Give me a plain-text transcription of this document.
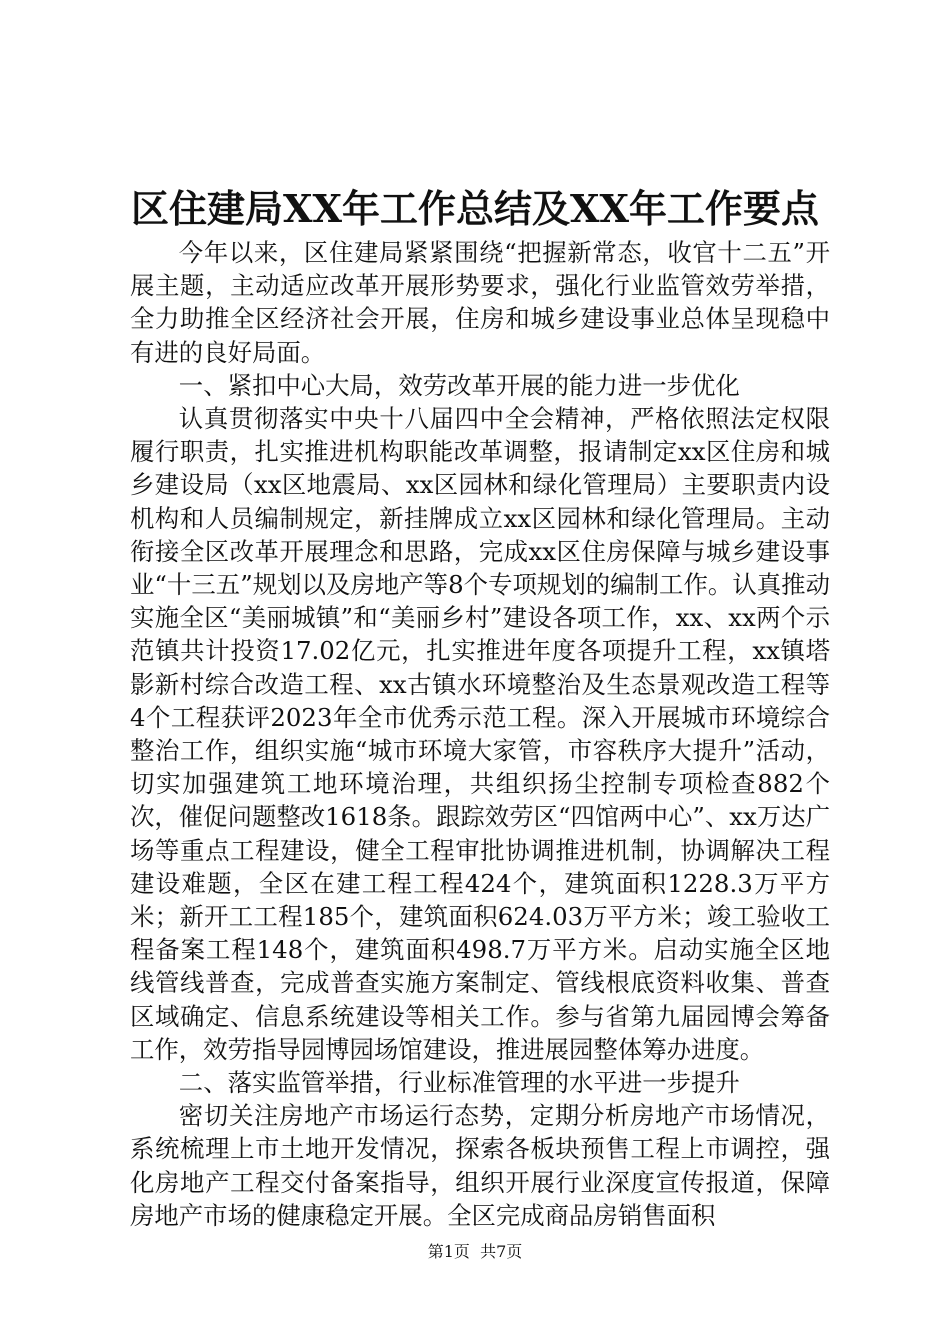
区住建局XX年工作总结及XX年工作要点

今年以来，区住建局紧紧围绕“把握新常态，收官十二五”开展主题，主动适应改革开展形势要求，强化行业监管效劳举措，全力助推全区经济社会开展，住房和城乡建设事业总体呈现稳中有进的良好局面。

一、紧扣中心大局，效劳改革开展的能力进一步优化

认真贯彻落实中央十八届四中全会精神，严格依照法定权限履行职责，扎实推进机构职能改革调整，报请制定xx区住房和城乡建设局（xx区地震局、xx区园林和绿化管理局）主要职责内设机构和人员编制规定，新挂牌成立xx区园林和绿化管理局。主动衔接全区改革开展理念和思路，完成xx区住房保障与城乡建设事业“十三五”规划以及房地产等8个专项规划的编制工作。认真推动实施全区“美丽城镇”和“美丽乡村”建设各项工作，xx、xx两个示范镇共计投资17.02亿元，扎实推进年度各项提升工程，xx镇塔影新村综合改造工程、xx古镇水环境整治及生态景观改造工程等4个工程获评2023年全市优秀示范工程。深入开展城市环境综合整治工作，组织实施“城市环境大家管，市容秩序大提升”活动，切实加强建筑工地环境治理，共组织扬尘控制专项检查882个次，催促问题整改1618条。跟踪效劳区“四馆两中心”、xx万达广场等重点工程建设，健全工程审批协调推进机制，协调解决工程建设难题，全区在建工程工程424个，建筑面积1228.3万平方米；新开工工程185个，建筑面积624.03万平方米；竣工验收工程备案工程148个，建筑面积498.7万平方米。启动实施全区地线管线普查，完成普查实施方案制定、管线根底资料收集、普查区域确定、信息系统建设等相关工作。参与省第九届园博会筹备工作，效劳指导园博园场馆建设，推进展园整体筹办进度。

二、落实监管举措，行业标准管理的水平进一步提升

密切关注房地产市场运行态势，定期分析房地产市场情况，系统梳理上市土地开发情况，探索各板块预售工程上市调控，强化房地产工程交付备案指导，组织开展行业深度宣传报道，保障房地产市场的健康稳定开展。全区完成商品房销售面积

第1页  共7页
